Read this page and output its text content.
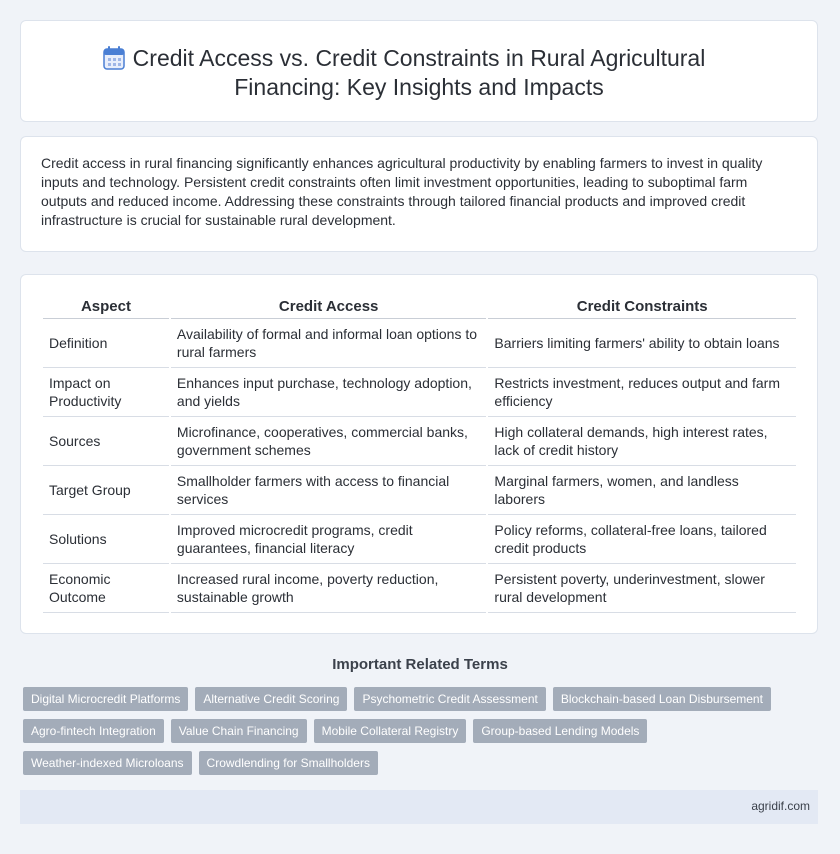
Credit Access vs. Credit Constraints in Rural Agricultural Financing: Key Insights and Impacts

Credit access in rural financing significantly enhances agricultural productivity by enabling farmers to invest in quality inputs and technology. Persistent credit constraints often limit investment opportunities, leading to suboptimal farm outputs and reduced income. Addressing these constraints through tailored financial products and improved credit infrastructure is crucial for sustainable rural development.

Aspect	Credit Access	Credit Constraints
Definition	Availability of formal and informal loan options to rural farmers	Barriers limiting farmers' ability to obtain loans
Impact on Productivity	Enhances input purchase, technology adoption, and yields	Restricts investment, reduces output and farm efficiency
Sources	Microfinance, cooperatives, commercial banks, government schemes	High collateral demands, high interest rates, lack of credit history
Target Group	Smallholder farmers with access to financial services	Marginal farmers, women, and landless laborers
Solutions	Improved microcredit programs, credit guarantees, financial literacy	Policy reforms, collateral-free loans, tailored credit products
Economic Outcome	Increased rural income, poverty reduction, sustainable growth	Persistent poverty, underinvestment, slower rural development
Important Related Terms
Digital Microcredit Platforms	Alternative Credit Scoring	Psychometric Credit Assessment	Blockchain-based Loan Disbursement
Agro-fintech Integration	Value Chain Financing	Mobile Collateral Registry	Group-based Lending Models
Weather-indexed Microloans	Crowdlending for Smallholders
agridif.com
